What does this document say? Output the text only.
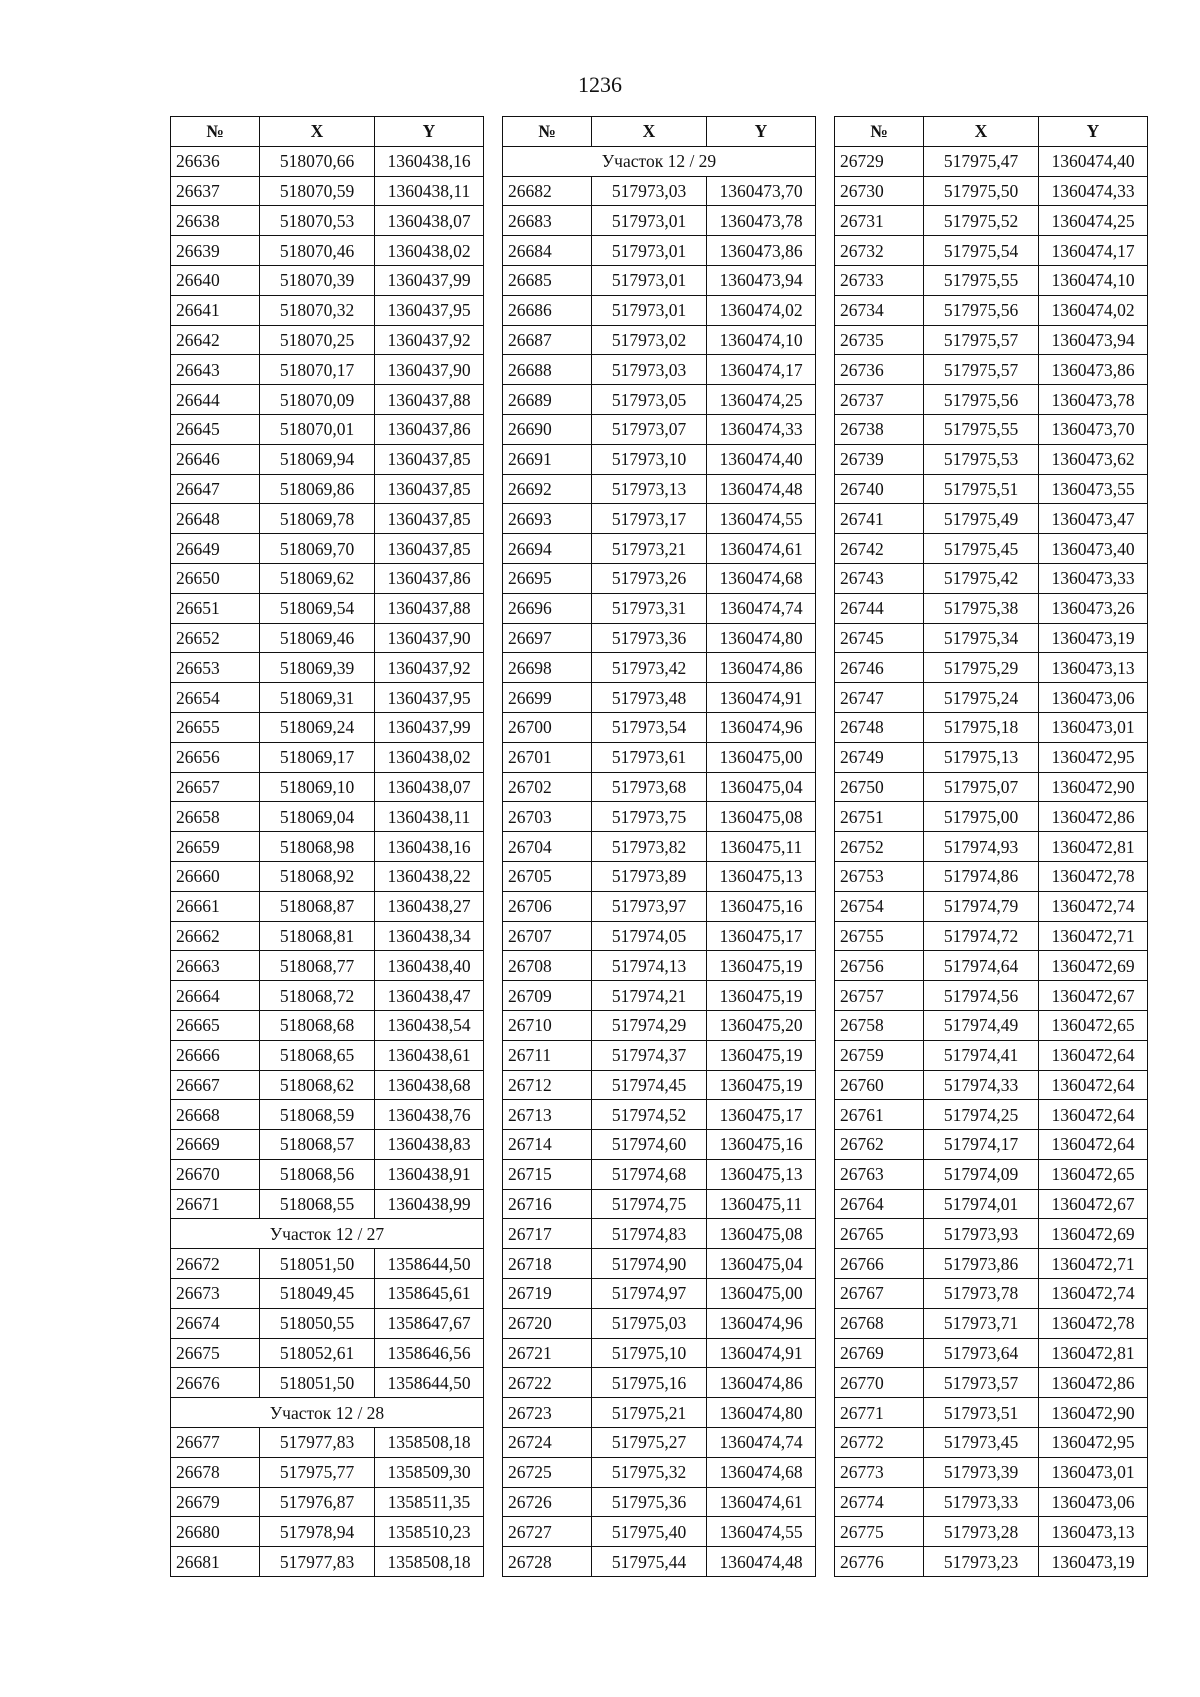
1236
№	X	Y
26636	518070,66	1360438,16
26637	518070,59	1360438,11
26638	518070,53	1360438,07
26639	518070,46	1360438,02
26640	518070,39	1360437,99
26641	518070,32	1360437,95
26642	518070,25	1360437,92
26643	518070,17	1360437,90
26644	518070,09	1360437,88
26645	518070,01	1360437,86
26646	518069,94	1360437,85
26647	518069,86	1360437,85
26648	518069,78	1360437,85
26649	518069,70	1360437,85
26650	518069,62	1360437,86
26651	518069,54	1360437,88
26652	518069,46	1360437,90
26653	518069,39	1360437,92
26654	518069,31	1360437,95
26655	518069,24	1360437,99
26656	518069,17	1360438,02
26657	518069,10	1360438,07
26658	518069,04	1360438,11
26659	518068,98	1360438,16
26660	518068,92	1360438,22
26661	518068,87	1360438,27
26662	518068,81	1360438,34
26663	518068,77	1360438,40
26664	518068,72	1360438,47
26665	518068,68	1360438,54
26666	518068,65	1360438,61
26667	518068,62	1360438,68
26668	518068,59	1360438,76
26669	518068,57	1360438,83
26670	518068,56	1360438,91
26671	518068,55	1360438,99
Участок 12 / 27		
26672	518051,50	1358644,50
26673	518049,45	1358645,61
26674	518050,55	1358647,67
26675	518052,61	1358646,56
26676	518051,50	1358644,50
Участок 12 / 28		
26677	517977,83	1358508,18
26678	517975,77	1358509,30
26679	517976,87	1358511,35
26680	517978,94	1358510,23
26681	517977,83	1358508,18
№	X	Y
Участок 12 / 29		
26682	517973,03	1360473,70
26683	517973,01	1360473,78
26684	517973,01	1360473,86
26685	517973,01	1360473,94
26686	517973,01	1360474,02
26687	517973,02	1360474,10
26688	517973,03	1360474,17
26689	517973,05	1360474,25
26690	517973,07	1360474,33
26691	517973,10	1360474,40
26692	517973,13	1360474,48
26693	517973,17	1360474,55
26694	517973,21	1360474,61
26695	517973,26	1360474,68
26696	517973,31	1360474,74
26697	517973,36	1360474,80
26698	517973,42	1360474,86
26699	517973,48	1360474,91
26700	517973,54	1360474,96
26701	517973,61	1360475,00
26702	517973,68	1360475,04
26703	517973,75	1360475,08
26704	517973,82	1360475,11
26705	517973,89	1360475,13
26706	517973,97	1360475,16
26707	517974,05	1360475,17
26708	517974,13	1360475,19
26709	517974,21	1360475,19
26710	517974,29	1360475,20
26711	517974,37	1360475,19
26712	517974,45	1360475,19
26713	517974,52	1360475,17
26714	517974,60	1360475,16
26715	517974,68	1360475,13
26716	517974,75	1360475,11
26717	517974,83	1360475,08
26718	517974,90	1360475,04
26719	517974,97	1360475,00
26720	517975,03	1360474,96
26721	517975,10	1360474,91
26722	517975,16	1360474,86
26723	517975,21	1360474,80
26724	517975,27	1360474,74
26725	517975,32	1360474,68
26726	517975,36	1360474,61
26727	517975,40	1360474,55
26728	517975,44	1360474,48
№	X	Y
26729	517975,47	1360474,40
26730	517975,50	1360474,33
26731	517975,52	1360474,25
26732	517975,54	1360474,17
26733	517975,55	1360474,10
26734	517975,56	1360474,02
26735	517975,57	1360473,94
26736	517975,57	1360473,86
26737	517975,56	1360473,78
26738	517975,55	1360473,70
26739	517975,53	1360473,62
26740	517975,51	1360473,55
26741	517975,49	1360473,47
26742	517975,45	1360473,40
26743	517975,42	1360473,33
26744	517975,38	1360473,26
26745	517975,34	1360473,19
26746	517975,29	1360473,13
26747	517975,24	1360473,06
26748	517975,18	1360473,01
26749	517975,13	1360472,95
26750	517975,07	1360472,90
26751	517975,00	1360472,86
26752	517974,93	1360472,81
26753	517974,86	1360472,78
26754	517974,79	1360472,74
26755	517974,72	1360472,71
26756	517974,64	1360472,69
26757	517974,56	1360472,67
26758	517974,49	1360472,65
26759	517974,41	1360472,64
26760	517974,33	1360472,64
26761	517974,25	1360472,64
26762	517974,17	1360472,64
26763	517974,09	1360472,65
26764	517974,01	1360472,67
26765	517973,93	1360472,69
26766	517973,86	1360472,71
26767	517973,78	1360472,74
26768	517973,71	1360472,78
26769	517973,64	1360472,81
26770	517973,57	1360472,86
26771	517973,51	1360472,90
26772	517973,45	1360472,95
26773	517973,39	1360473,01
26774	517973,33	1360473,06
26775	517973,28	1360473,13
26776	517973,23	1360473,19
